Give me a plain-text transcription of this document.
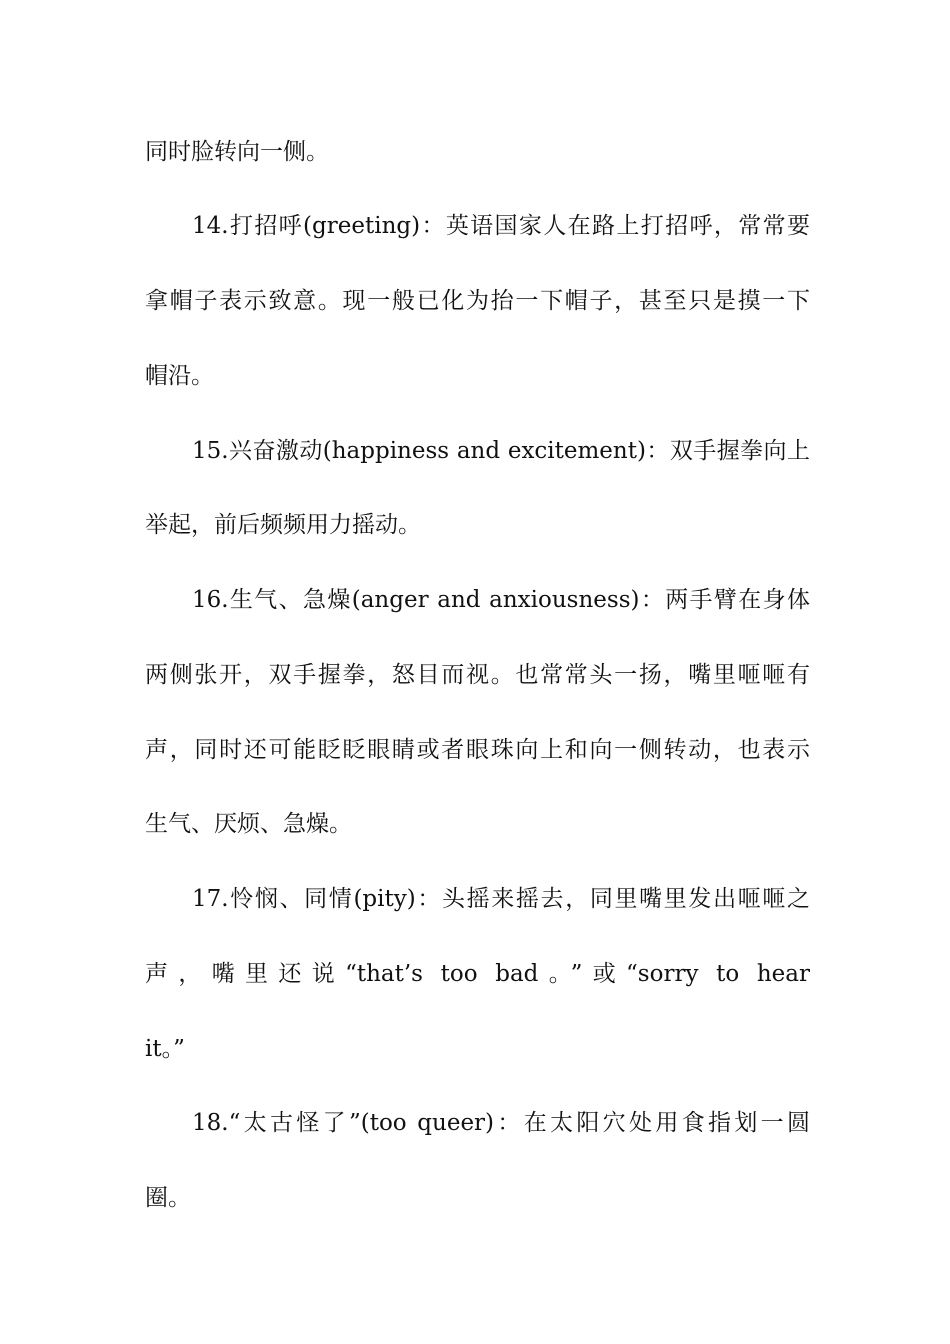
同时脸转向一侧。
14.打招呼(greeting)：英语国家人在路上打招呼，常常要
拿帽子表示致意。现一般已化为抬一下帽子，甚至只是摸一下
帽沿。
15.兴奋激动(happiness and excitement)：双手握拳向上
举起，前后频频用力摇动。
16.生气、急燥(anger and anxiousness)：两手臂在身体
两侧张开，双手握拳，怒目而视。也常常头一扬，嘴里咂咂有
声，同时还可能眨眨眼睛或者眼珠向上和向一侧转动，也表示
生气、厌烦、急燥。
17.怜悯、同情(pity)：头摇来摇去，同里嘴里发出咂咂之
声，嘴里还说“that’s too bad。”或“sorry to hear
it。”
18.“太古怪了”(too queer)：在太阳穴处用食指划一圆
圈。
